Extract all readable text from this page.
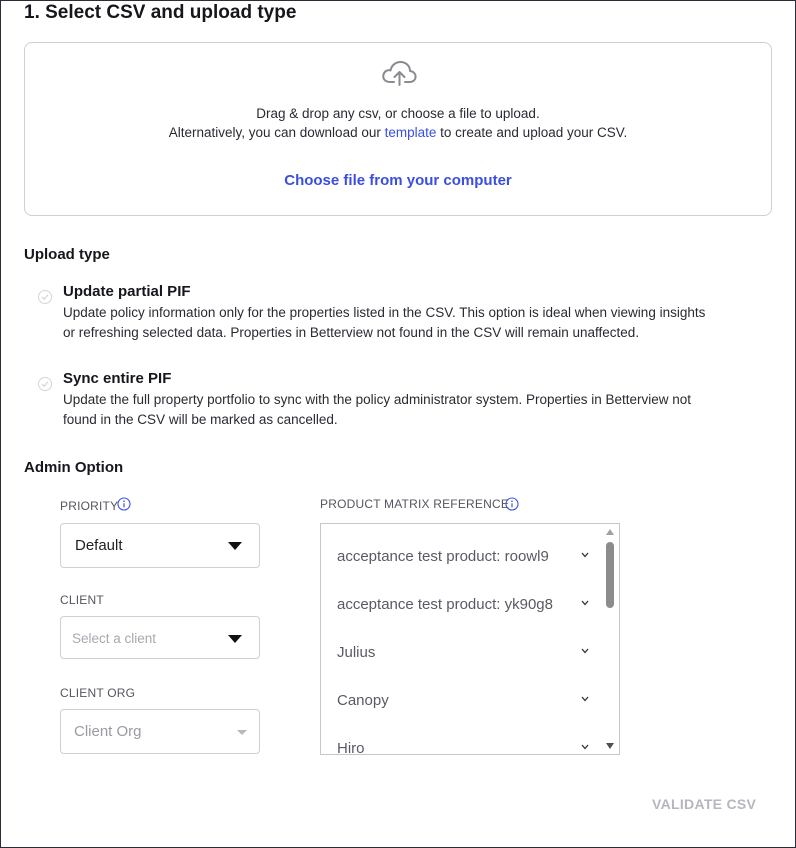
1. Select CSV and upload type
Drag & drop any csv, or choose a file to upload.
Alternatively, you can download our template to create and upload your CSV.
Choose file from your computer
Upload type
Update partial PIF
Update policy information only for the properties listed in the CSV. This option is ideal when viewing insights
or refreshing selected data. Properties in Betterview not found in the CSV will remain unaffected.
Sync entire PIF
Update the full property portfolio to sync with the policy administrator system. Properties in Betterview not
found in the CSV will be marked as cancelled.
Admin Option
PRIORITY
Default
CLIENT
Select a client
CLIENT ORG
Client Org
PRODUCT MATRIX REFERENCE
acceptance test product: roowl9
acceptance test product: yk90g8
Julius
Canopy
Hiro
VALIDATE CSV
